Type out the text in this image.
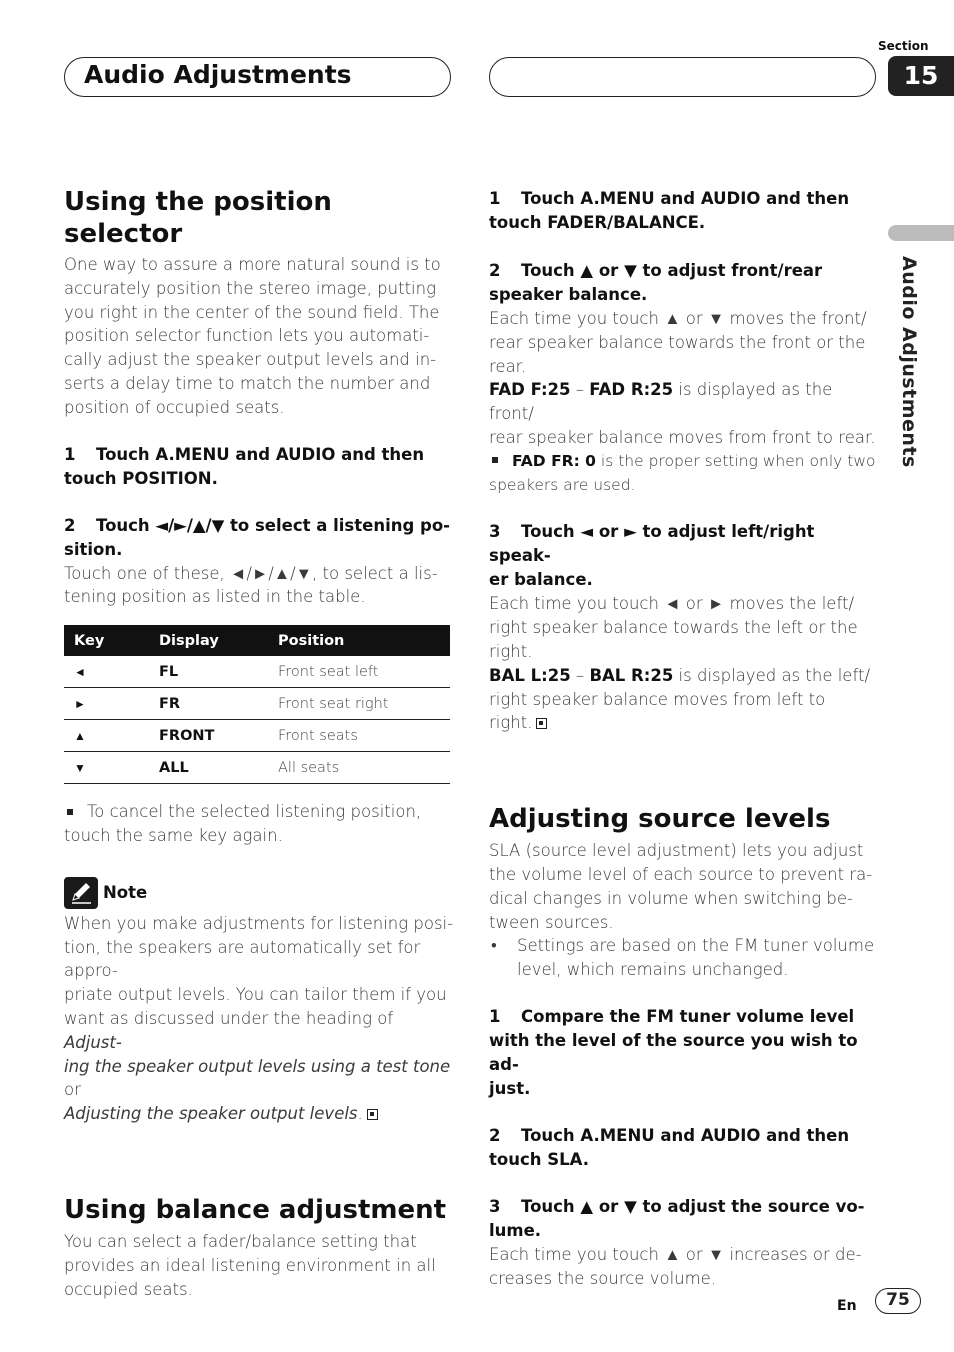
Audio Adjustments
Section
15
Audio Adjustments
Using the position selector
One way to assure a more natural sound is to
accurately position the stereo image, putting
you right in the center of the sound field. The
position selector function lets you automati-
cally adjust the speaker output levels and in-
serts a delay time to match the number and
position of occupied seats.
1 Touch A.MENU and AUDIO and then
touch POSITION.
2 Touch ◄/►/▲/▼ to select a listening po-
sition.
Touch one of these, ◄/►/▲/▼, to select a lis-
tening position as listed in the table.
Key	Display	Position
◄	FL	Front seat left
►	FR	Front seat right
▲	FRONT	Front seats
▼	ALL	All seats
To cancel the selected listening position,
touch the same key again.
Note
When you make adjustments for listening posi-
tion, the speakers are automatically set for appro-
priate output levels. You can tailor them if you
want as discussed under the heading of Adjust-
ing the speaker output levels using a test tone or
Adjusting the speaker output levels.
Using balance adjustment
You can select a fader/balance setting that
provides an ideal listening environment in all
occupied seats.
1 Touch A.MENU and AUDIO and then
touch FADER/BALANCE.
2 Touch ▲ or ▼ to adjust front/rear
speaker balance.
Each time you touch ▲ or ▼ moves the front/
rear speaker balance towards the front or the
rear.
FAD F:25 – FAD R:25 is displayed as the front/
rear speaker balance moves from front to rear.
FAD FR: 0 is the proper setting when only two
speakers are used.
3 Touch ◄ or ► to adjust left/right speak-
er balance.
Each time you touch ◄ or ► moves the left/
right speaker balance towards the left or the
right.
BAL L:25 – BAL R:25 is displayed as the left/
right speaker balance moves from left to
right.
Adjusting source levels
SLA (source level adjustment) lets you adjust
the volume level of each source to prevent ra-
dical changes in volume when switching be-
tween sources.
•	Settings are based on the FM tuner volume
level, which remains unchanged.
1 Compare the FM tuner volume level
with the level of the source you wish to ad-
just.
2 Touch A.MENU and AUDIO and then
touch SLA.
3 Touch ▲ or ▼ to adjust the source vo-
lume.
Each time you touch ▲ or ▼ increases or de-
creases the source volume.
En	75
